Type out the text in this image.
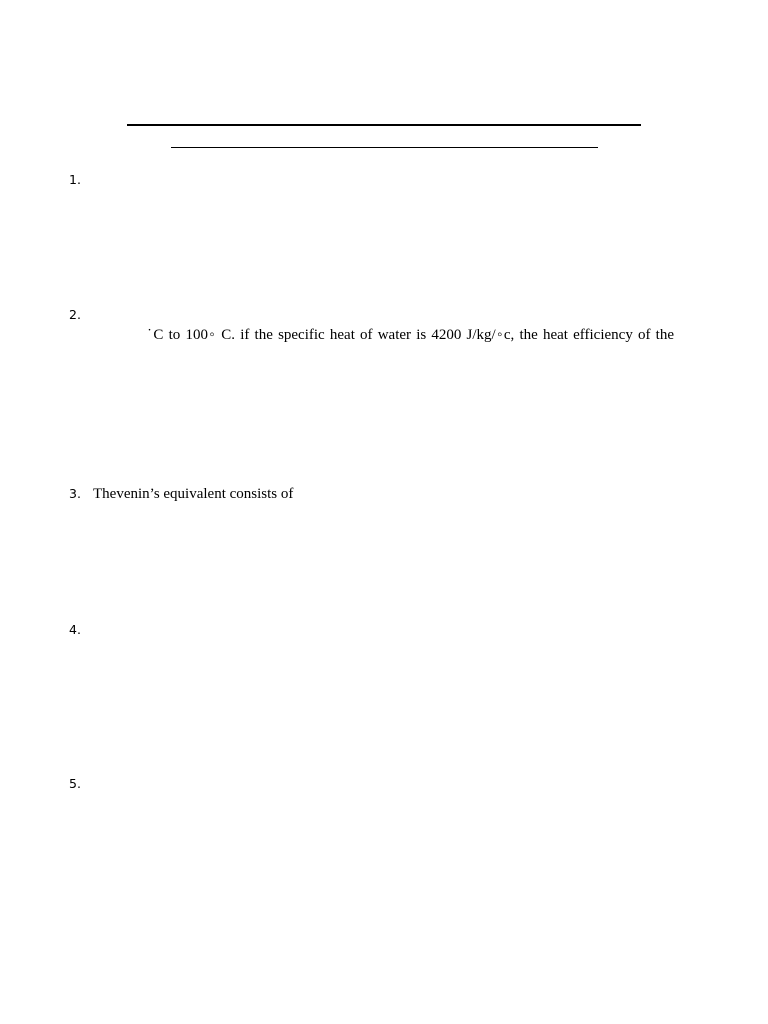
1.
2.
˙C to 100◦ C. if the specific heat of water is 4200 J/kg/◦c, the heat efficiency of the
3. Thevenin’s equivalent consists of
4.
5.
